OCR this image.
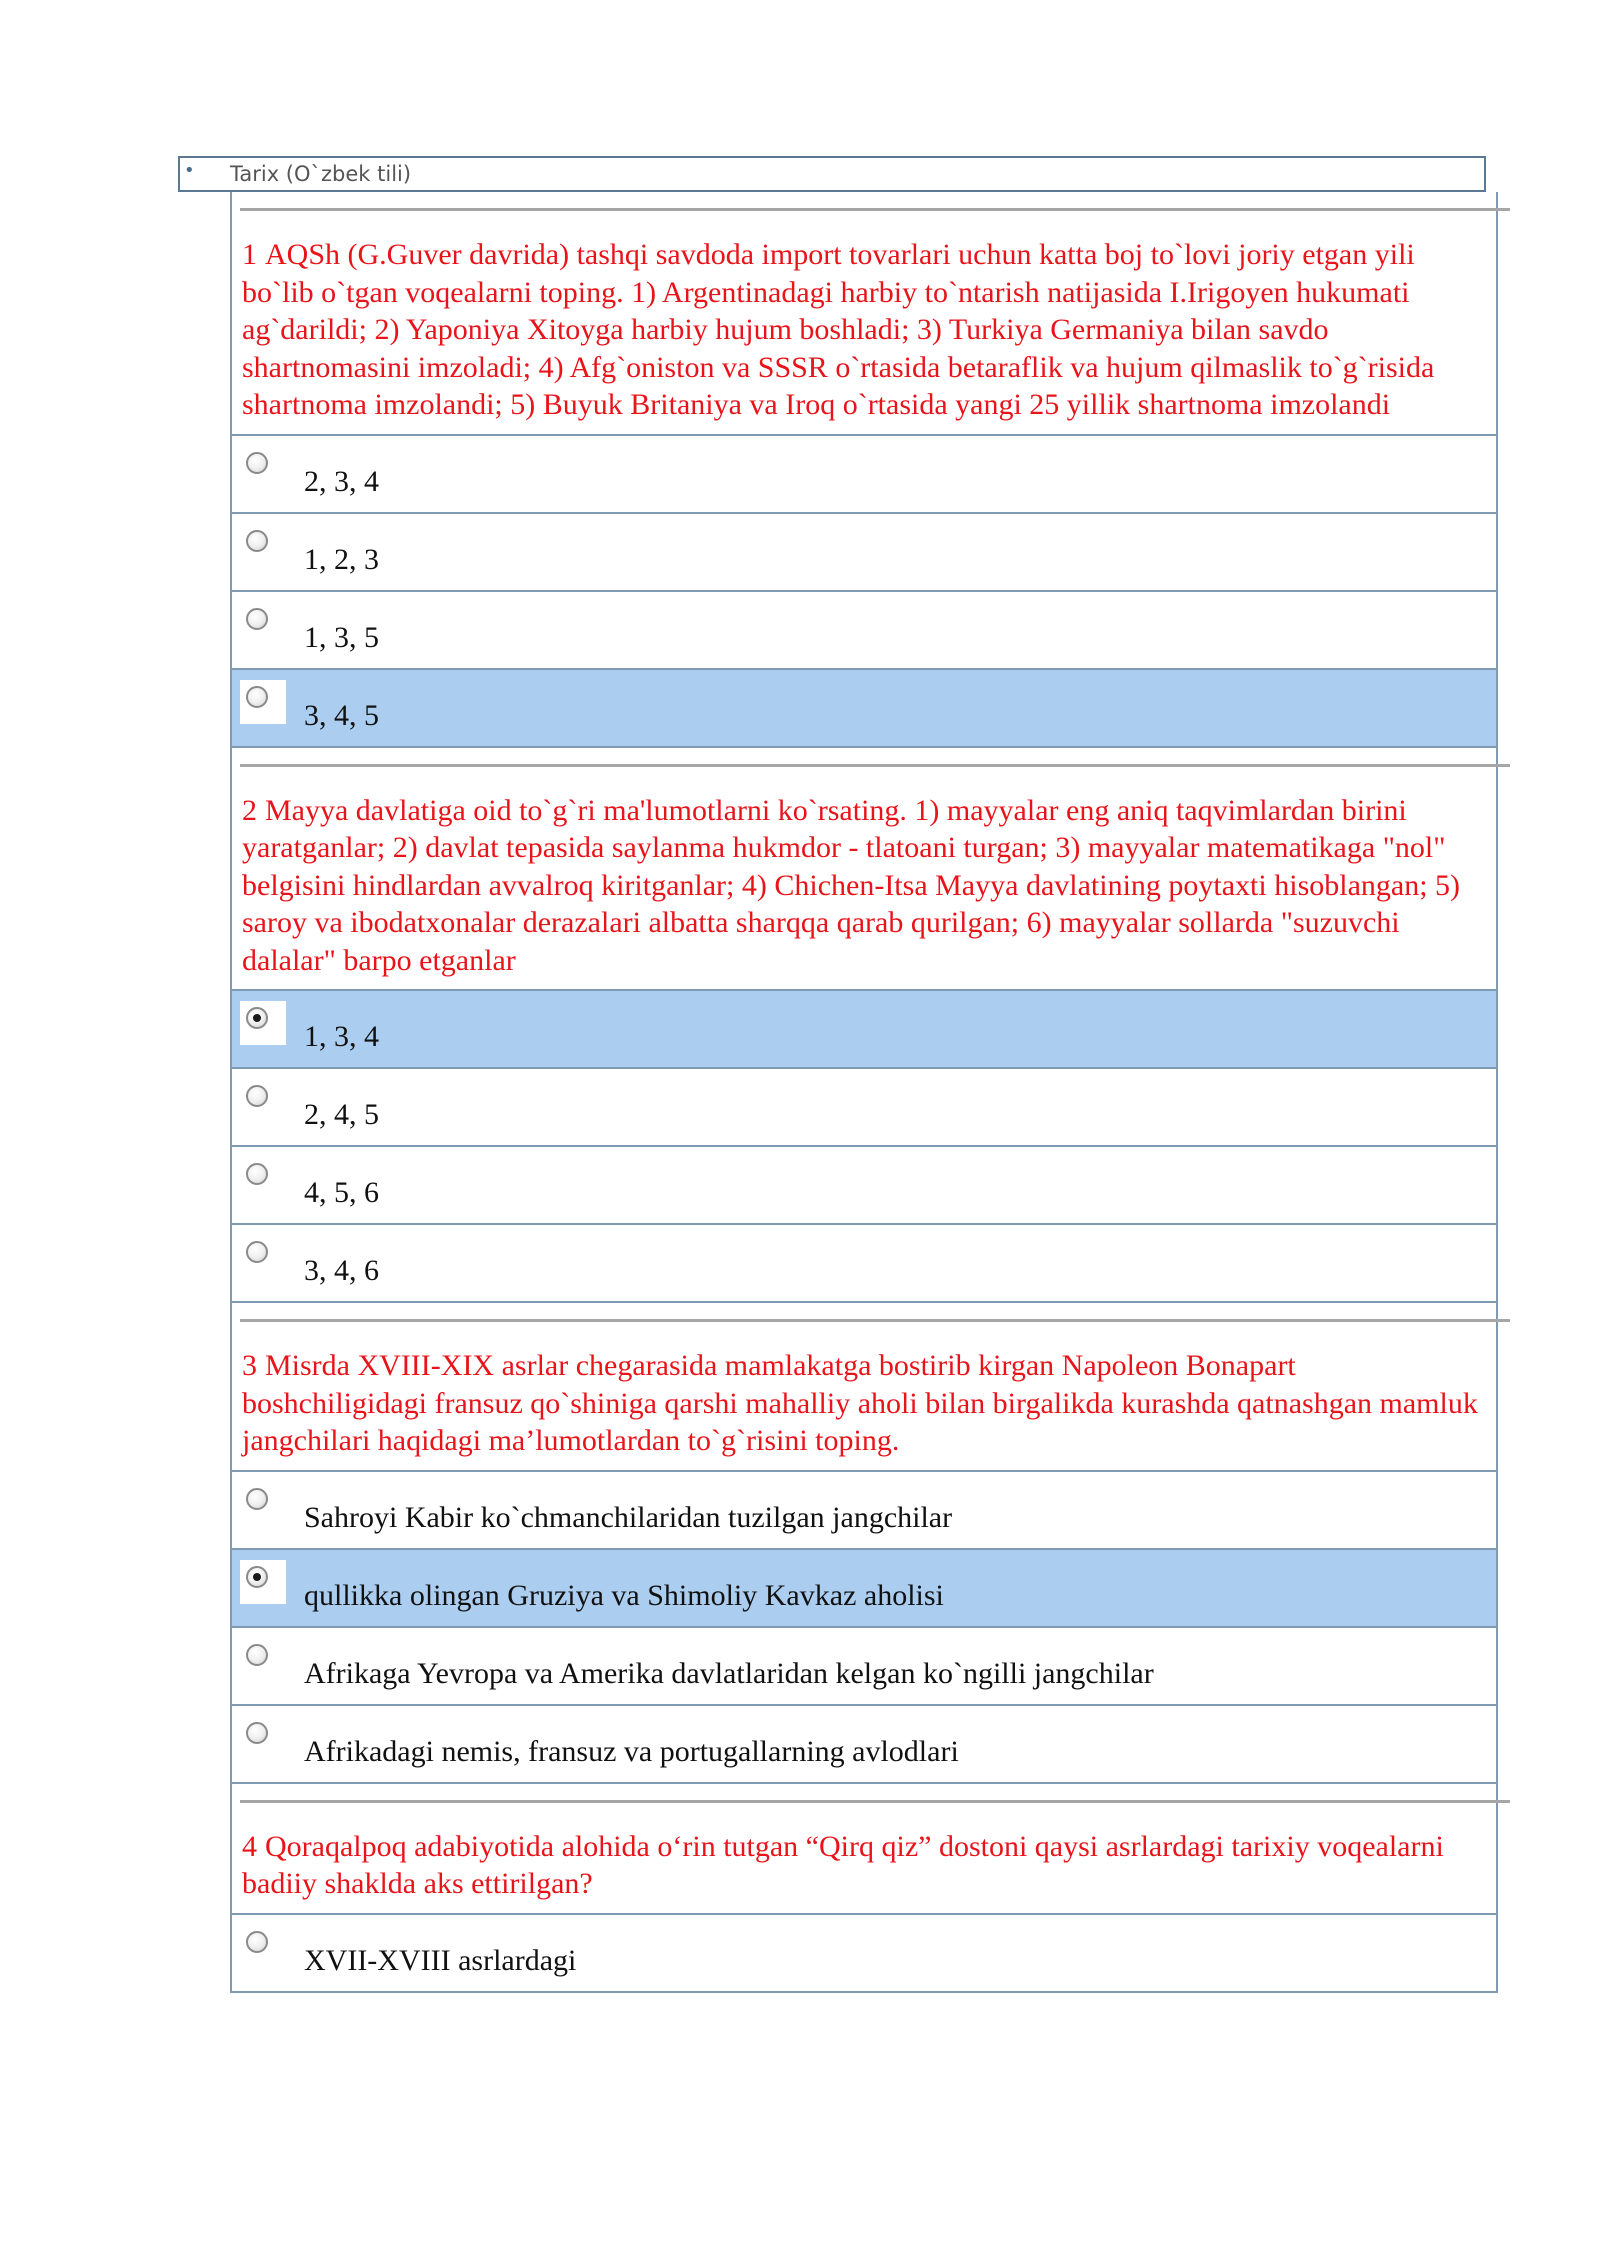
• Tarix (O`zbek tili)
1 AQSh (G.Guver davrida) tashqi savdoda import tovarlari uchun katta boj to`lovi joriy etgan yili bo`lib o`tgan voqealarni toping. 1) Argentinadagi harbiy to`ntarish natijasida I.Irigoyen hukumati ag`darildi; 2) Yaponiya Xitoyga harbiy hujum boshladi; 3) Turkiya Germaniya bilan savdo shartnomasini imzoladi; 4) Afg`oniston va SSSR o`rtasida betaraflik va hujum qilmaslik to`g`risida shartnoma imzolandi; 5) Buyuk Britaniya va Iroq o`rtasida yangi 25 yillik shartnoma imzolandi
2, 3, 4
1, 2, 3
1, 3, 5
3, 4, 5
2 Mayya davlatiga oid to`g`ri ma'lumotlarni ko`rsating. 1) mayyalar eng aniq taqvimlardan birini yaratganlar; 2) davlat tepasida saylanma hukmdor - tlatoani turgan; 3) mayyalar matematikaga "nol" belgisini hindlardan avvalroq kiritganlar; 4) Chichen-Itsa Mayya davlatining poytaxti hisoblangan; 5) saroy va ibodatxonalar derazalari albatta sharqqa qarab qurilgan; 6) mayyalar sollarda "suzuvchi dalalar" barpo etganlar
1, 3, 4
2, 4, 5
4, 5, 6
3, 4, 6
3 Misrda XVIII-XIX asrlar chegarasida mamlakatga bostirib kirgan Napoleon Bonapart boshchiligidagi fransuz qo`shiniga qarshi mahalliy aholi bilan birgalikda kurashda qatnashgan mamluk jangchilari haqidagi ma’lumotlardan to`g`risini toping.
Sahroyi Kabir ko`chmanchilaridan tuzilgan jangchilar
qullikka olingan Gruziya va Shimoliy Kavkaz aholisi
Afrikaga Yevropa va Amerika davlatlaridan kelgan ko`ngilli jangchilar
Afrikadagi nemis, fransuz va portugallarning avlodlari
4 Qoraqalpoq adabiyotida alohida o‘rin tutgan “Qirq qiz” dostoni qaysi asrlardagi tarixiy voqealarni badiiy shaklda aks ettirilgan?
XVII-XVIII asrlardagi
